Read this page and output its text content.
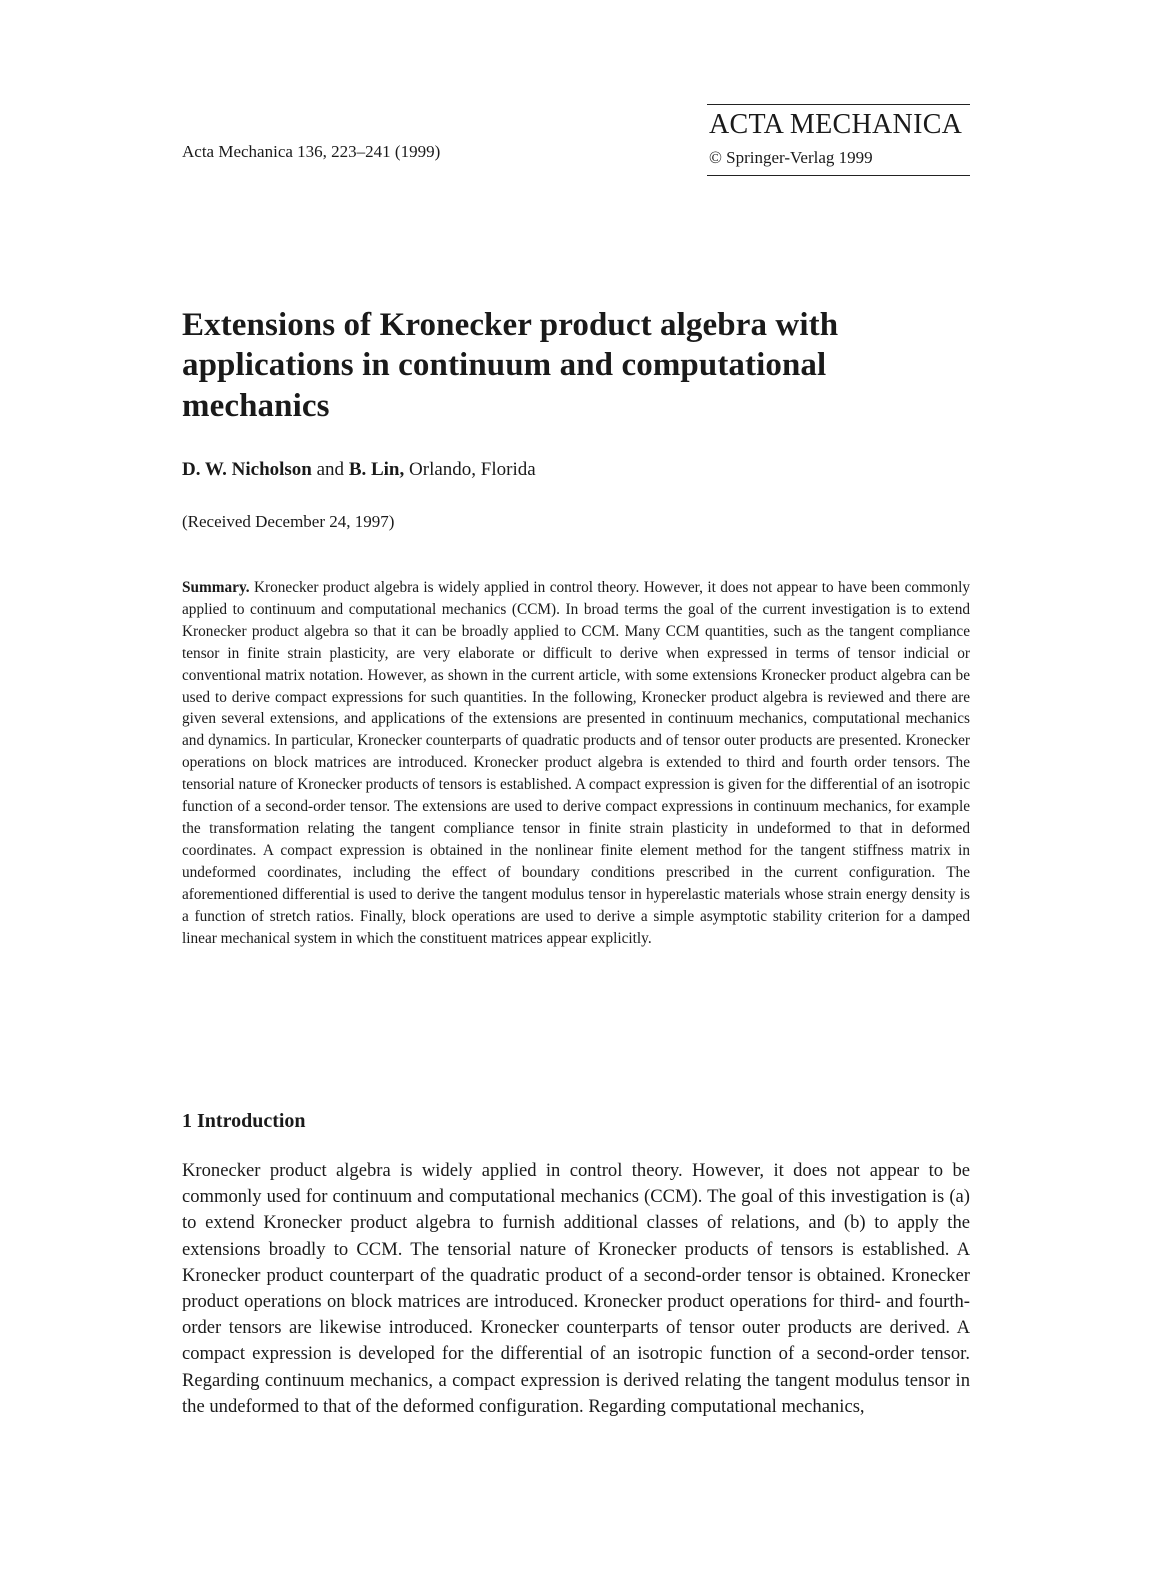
Acta Mechanica 136, 223–241 (1999)
ACTA MECHANICA
© Springer-Verlag 1999
Extensions of Kronecker product algebra with applications in continuum and computational mechanics
D. W. Nicholson and B. Lin, Orlando, Florida
(Received December 24, 1997)
Summary. Kronecker product algebra is widely applied in control theory. However, it does not appear to have been commonly applied to continuum and computational mechanics (CCM). In broad terms the goal of the current investigation is to extend Kronecker product algebra so that it can be broadly applied to CCM. Many CCM quantities, such as the tangent compliance tensor in finite strain plasticity, are very elaborate or difficult to derive when expressed in terms of tensor indicial or conventional matrix notation. However, as shown in the current article, with some extensions Kronecker product algebra can be used to derive compact expressions for such quantities. In the following, Kronecker product algebra is reviewed and there are given several extensions, and applications of the extensions are presented in continuum mechanics, computational mechanics and dynamics. In particular, Kronecker counterparts of quadratic products and of tensor outer products are presented. Kronecker operations on block matrices are introduced. Kronecker product algebra is extended to third and fourth order tensors. The tensorial nature of Kronecker products of tensors is established. A compact expression is given for the differential of an isotropic function of a second-order tensor. The extensions are used to derive compact expressions in continuum mechanics, for example the transformation relating the tangent compliance tensor in finite strain plasticity in undeformed to that in deformed coordinates. A compact expression is obtained in the nonlinear finite element method for the tangent stiffness matrix in undeformed coordinates, including the effect of boundary conditions prescribed in the current configuration. The aforementioned differential is used to derive the tangent modulus tensor in hyperelastic materials whose strain energy density is a function of stretch ratios. Finally, block operations are used to derive a simple asymptotic stability criterion for a damped linear mechanical system in which the constituent matrices appear explicitly.
1 Introduction
Kronecker product algebra is widely applied in control theory. However, it does not appear to be commonly used for continuum and computational mechanics (CCM). The goal of this investigation is (a) to extend Kronecker product algebra to furnish additional classes of relations, and (b) to apply the extensions broadly to CCM. The tensorial nature of Kronecker products of tensors is established. A Kronecker product counterpart of the quadratic product of a second-order tensor is obtained. Kronecker product operations on block matrices are introduced. Kronecker product operations for third- and fourth-order tensors are likewise introduced. Kronecker counterparts of tensor outer products are derived. A compact expression is developed for the differential of an isotropic function of a second-order tensor. Regarding continuum mechanics, a compact expression is derived relating the tangent modulus tensor in the undeformed to that of the deformed configuration. Regarding computational mechanics,
